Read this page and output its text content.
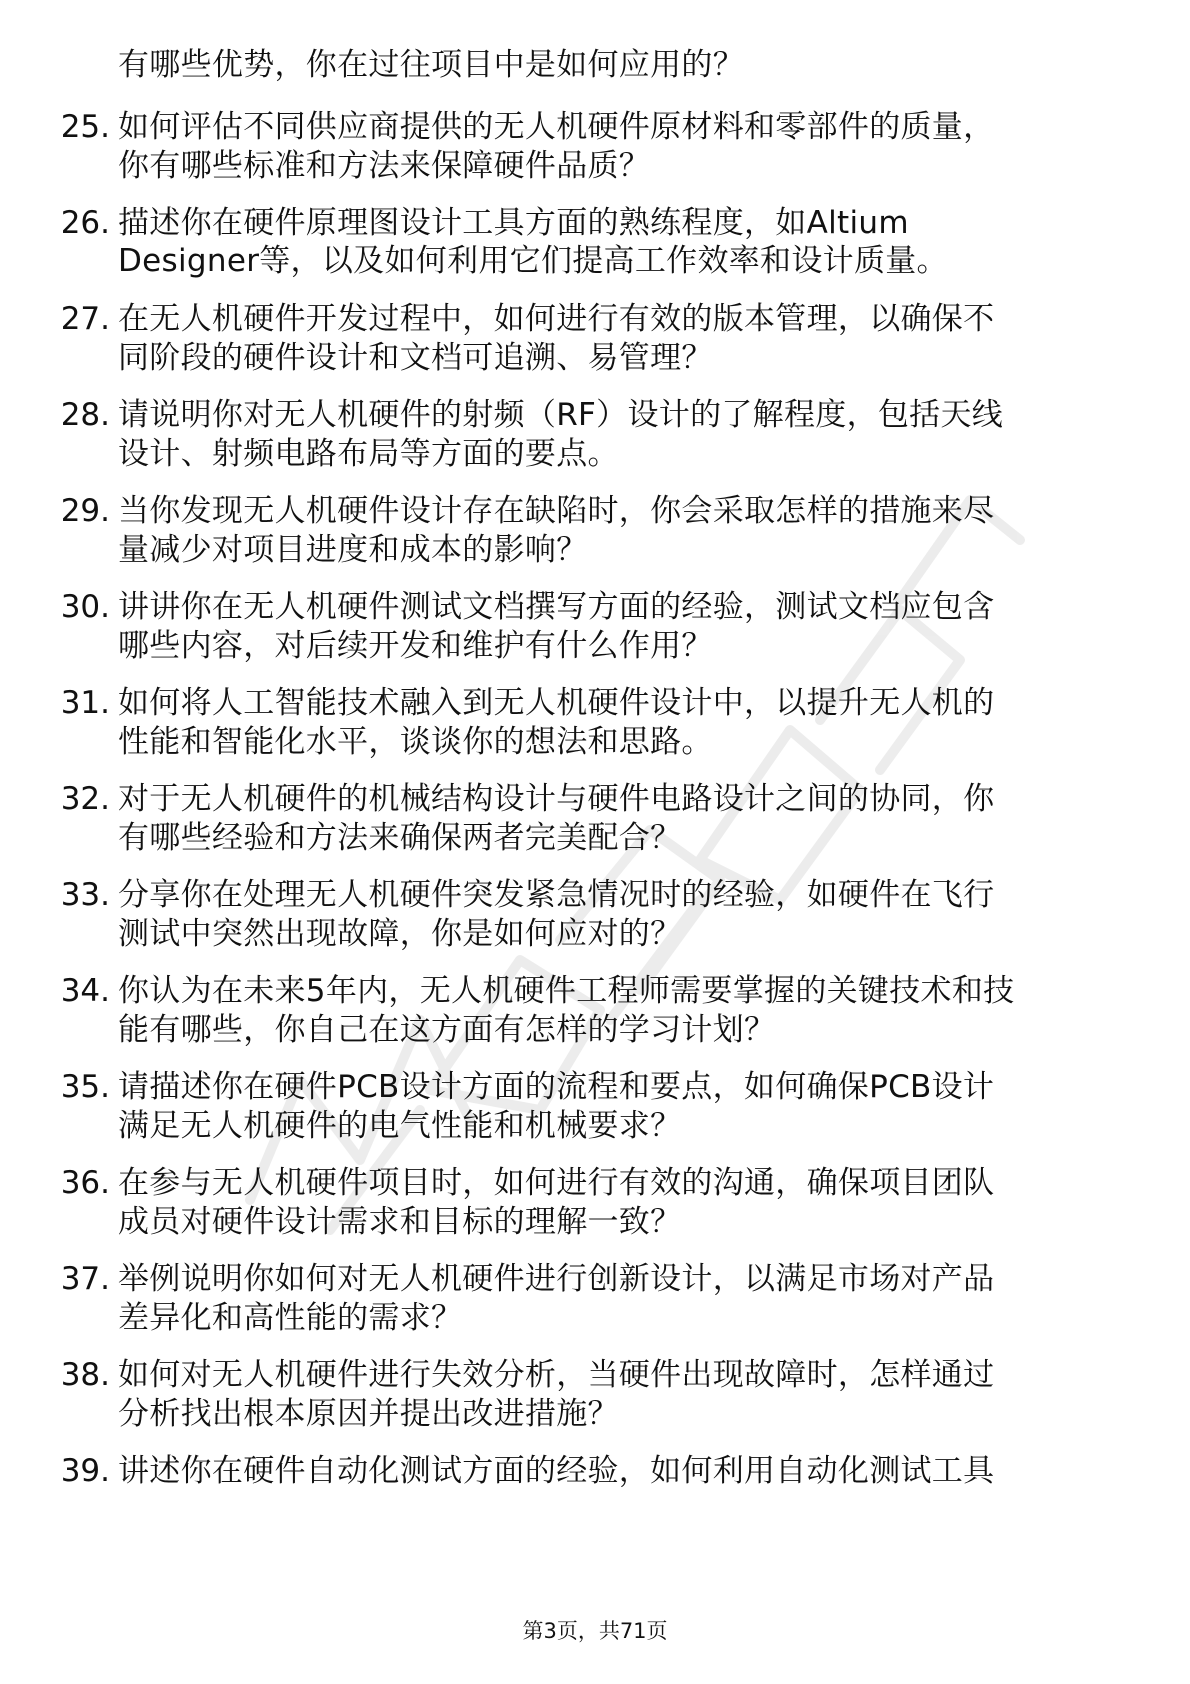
有哪些优势，你在过往项目中是如何应用的？
25. 如何评估不同供应商提供的无人机硬件原材料和零部件的质量，
你有哪些标准和方法来保障硬件品质？
26. 描述你在硬件原理图设计工具方面的熟练程度，如Altium
Designer等，以及如何利用它们提高工作效率和设计质量。
27. 在无人机硬件开发过程中，如何进行有效的版本管理，以确保不
同阶段的硬件设计和文档可追溯、易管理？
28. 请说明你对无人机硬件的射频（RF）设计的了解程度，包括天线
设计、射频电路布局等方面的要点。
29. 当你发现无人机硬件设计存在缺陷时，你会采取怎样的措施来尽
量减少对项目进度和成本的影响？
30. 讲讲你在无人机硬件测试文档撰写方面的经验，测试文档应包含
哪些内容，对后续开发和维护有什么作用？
31. 如何将人工智能技术融入到无人机硬件设计中，以提升无人机的
性能和智能化水平，谈谈你的想法和思路。
32. 对于无人机硬件的机械结构设计与硬件电路设计之间的协同，你
有哪些经验和方法来确保两者完美配合？
33. 分享你在处理无人机硬件突发紧急情况时的经验，如硬件在飞行
测试中突然出现故障，你是如何应对的？
34. 你认为在未来5年内，无人机硬件工程师需要掌握的关键技术和技
能有哪些，你自己在这方面有怎样的学习计划？
35. 请描述你在硬件PCB设计方面的流程和要点，如何确保PCB设计
满足无人机硬件的电气性能和机械要求？
36. 在参与无人机硬件项目时，如何进行有效的沟通，确保项目团队
成员对硬件设计需求和目标的理解一致？
37. 举例说明你如何对无人机硬件进行创新设计，以满足市场对产品
差异化和高性能的需求？
38. 如何对无人机硬件进行失效分析，当硬件出现故障时，怎样通过
分析找出根本原因并提出改进措施？
39. 讲述你在硬件自动化测试方面的经验，如何利用自动化测试工具
第3页，共71页
